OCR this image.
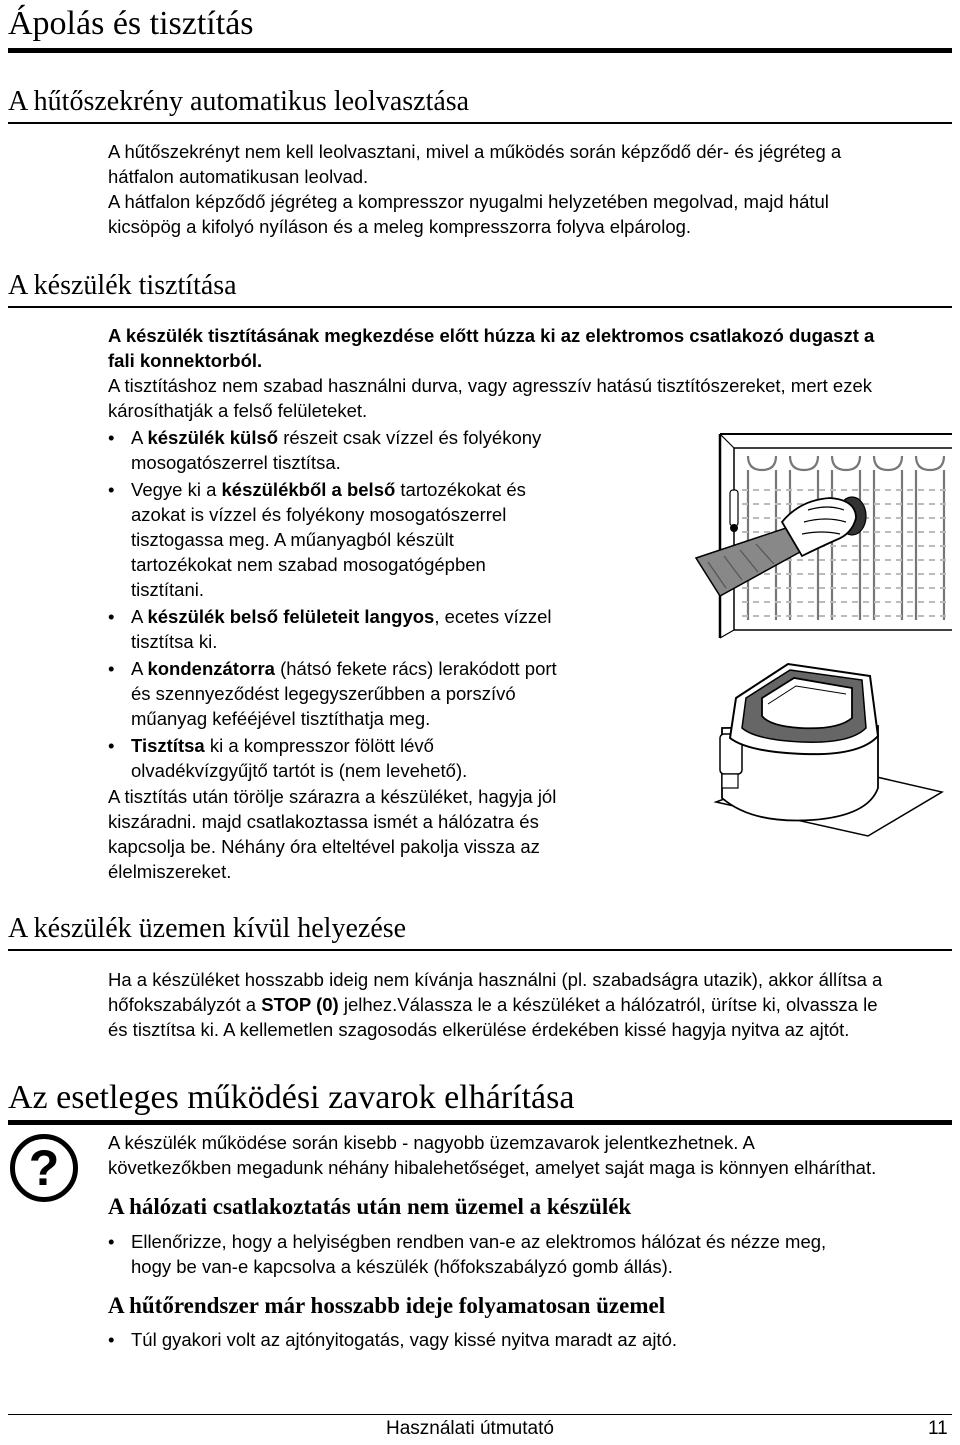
Ápolás és tisztítás
A hűtőszekrény automatikus leolvasztása
A hűtőszekrényt nem kell leolvasztani, mivel a működés során képződő dér- és jégréteg a
hátfalon automatikusan leolvad.
A hátfalon képződő jégréteg a kompresszor nyugalmi helyzetében megolvad, majd hátul
kicsöpög a kifolyó nyíláson és a meleg kompresszorra folyva elpárolog.
A készülék tisztítása
A készülék tisztításának megkezdése előtt húzza ki az elektromos csatlakozó dugaszt a
fali konnektorból.
A tisztításhoz nem szabad használni durva, vagy agresszív hatású tisztítószereket, mert ezek
károsíthatják a felső felületeket.
• A készülék külső részeit csak vízzel és folyékony
mosogatószerrel tisztítsa.
• Vegye ki a készülékből a belső tartozékokat és
azokat is vízzel és folyékony mosogatószerrel
tisztogassa meg. A műanyagból készült
tartozékokat nem szabad mosogatógépben
tisztítani.
• A készülék belső felületeit langyos, ecetes vízzel
tisztítsa ki.
• A kondenzátorra (hátsó fekete rács) lerakódott port
és szennyeződést legegyszerűbben a porszívó
műanyag kefééjével tisztíthatja meg.
• Tisztítsa ki a kompresszor fölött lévő
olvadékvízgyűjtő tartót is (nem levehető).
A tisztítás után törölje szárazra a készüléket, hagyja jól
kiszáradni. majd csatlakoztassa ismét a hálózatra és
kapcsolja be. Néhány óra elteltével pakolja vissza az
élelmiszereket.
A készülék üzemen kívül helyezése
Ha a készüléket hosszabb ideig nem kívánja használni (pl. szabadságra utazik), akkor állítsa a
hőfokszabályzót a STOP (0) jelhez.Válassza le a készüléket a hálózatról, ürítse ki, olvassza le
és tisztítsa ki. A kellemetlen szagosodás elkerülése érdekében kissé hagyja nyitva az ajtót.
Az esetleges működési zavarok elhárítása
?	A készülék működése során kisebb - nagyobb üzemzavarok jelentkezhetnek. A
következőkben megadunk néhány hibalehetőséget, amelyet saját maga is könnyen elháríthat.
A hálózati csatlakoztatás után nem üzemel a készülék
• Ellenőrizze, hogy a helyiségben rendben van-e az elektromos hálózat és nézze meg,
hogy be van-e kapcsolva a készülék (hőfokszabályzó gomb állás).
A hűtőrendszer már hosszabb ideje folyamatosan üzemel
• Túl gyakori volt az ajtónyitogatás, vagy kissé nyitva maradt az ajtó.
Használati útmutató	11
